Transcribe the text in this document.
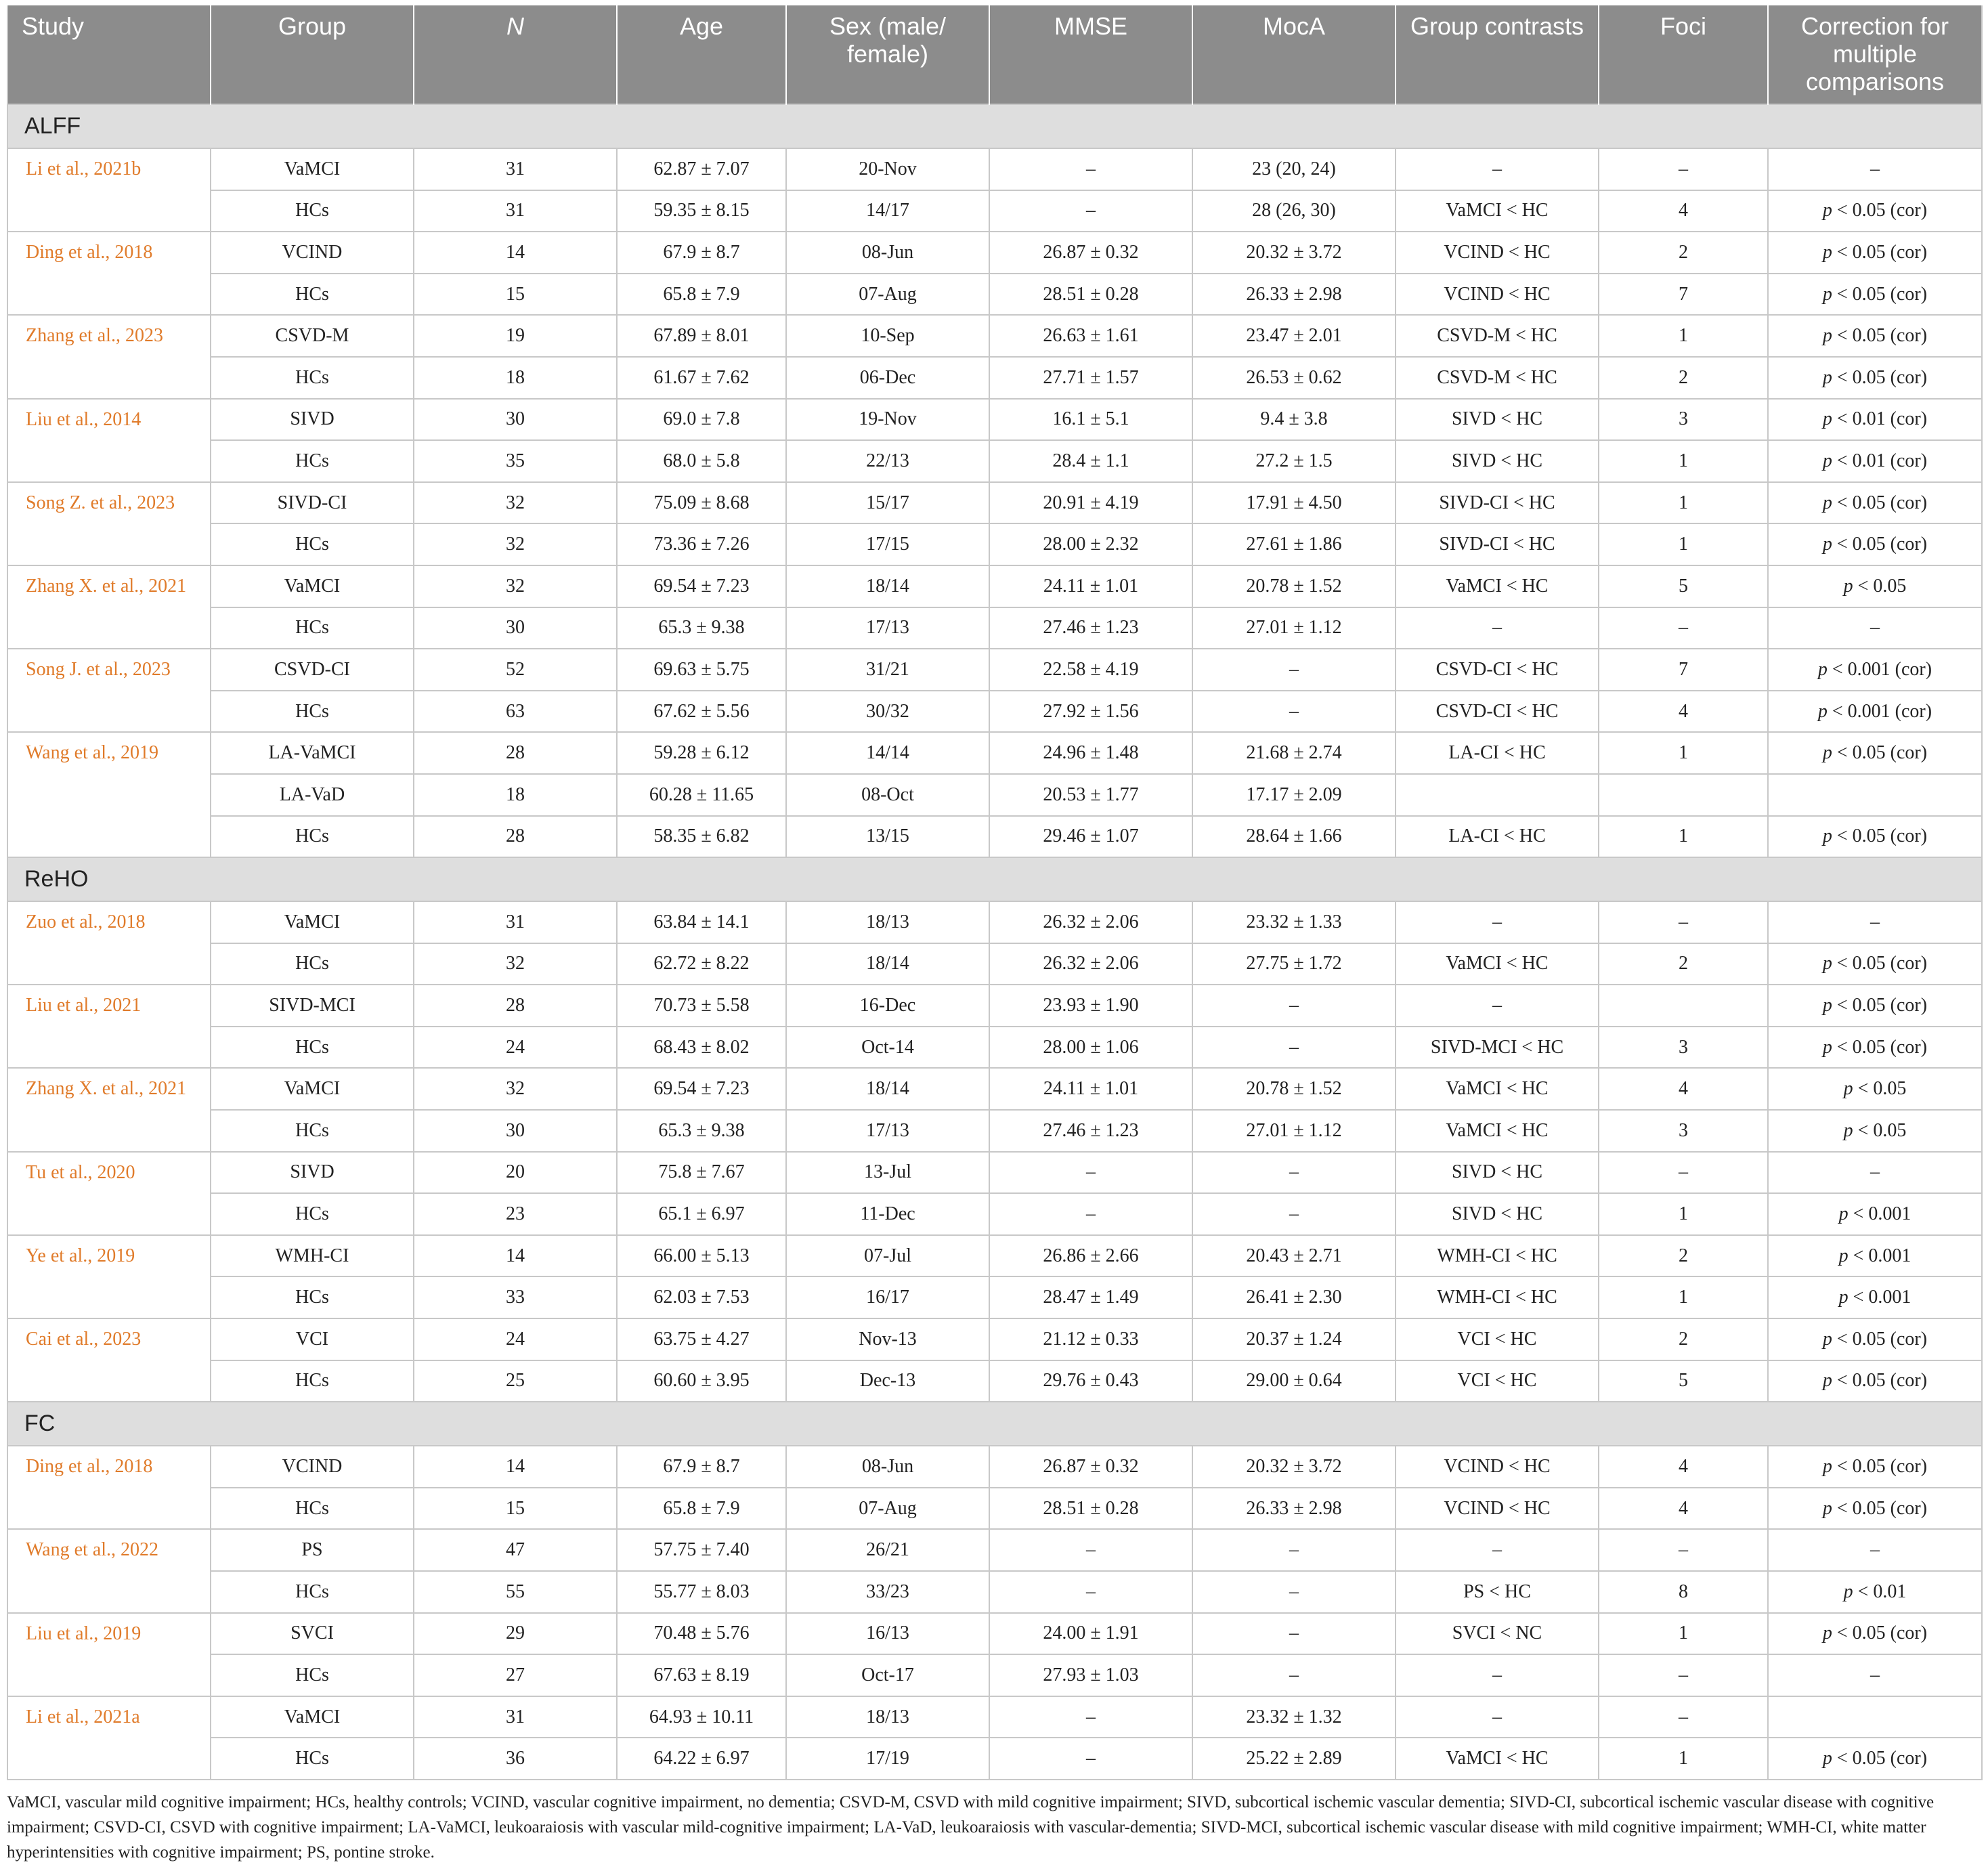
Study	Group	N	Age	Sex (male/ female)	MMSE	MocA	Group contrasts	Foci	Correction for multiple comparisons
ALFF									
Li et al., 2021b	VaMCI	31	62.87 ± 7.07	20-Nov	–	23 (20, 24)	–	–	–
	HCs	31	59.35 ± 8.15	14/17	–	28 (26, 30)	VaMCI < HC	4	p < 0.05 (cor)
Ding et al., 2018	VCIND	14	67.9 ± 8.7	08-Jun	26.87 ± 0.32	20.32 ± 3.72	VCIND < HC	2	p < 0.05 (cor)
	HCs	15	65.8 ± 7.9	07-Aug	28.51 ± 0.28	26.33 ± 2.98	VCIND < HC	7	p < 0.05 (cor)
Zhang et al., 2023	CSVD-M	19	67.89 ± 8.01	10-Sep	26.63 ± 1.61	23.47 ± 2.01	CSVD-M < HC	1	p < 0.05 (cor)
	HCs	18	61.67 ± 7.62	06-Dec	27.71 ± 1.57	26.53 ± 0.62	CSVD-M < HC	2	p < 0.05 (cor)
Liu et al., 2014	SIVD	30	69.0 ± 7.8	19-Nov	16.1 ± 5.1	9.4 ± 3.8	SIVD < HC	3	p < 0.01 (cor)
	HCs	35	68.0 ± 5.8	22/13	28.4 ± 1.1	27.2 ± 1.5	SIVD < HC	1	p < 0.01 (cor)
Song Z. et al., 2023	SIVD-CI	32	75.09 ± 8.68	15/17	20.91 ± 4.19	17.91 ± 4.50	SIVD-CI < HC	1	p < 0.05 (cor)
	HCs	32	73.36 ± 7.26	17/15	28.00 ± 2.32	27.61 ± 1.86	SIVD-CI < HC	1	p < 0.05 (cor)
Zhang X. et al., 2021	VaMCI	32	69.54 ± 7.23	18/14	24.11 ± 1.01	20.78 ± 1.52	VaMCI < HC	5	p < 0.05
	HCs	30	65.3 ± 9.38	17/13	27.46 ± 1.23	27.01 ± 1.12	–	–	–
Song J. et al., 2023	CSVD-CI	52	69.63 ± 5.75	31/21	22.58 ± 4.19	–	CSVD-CI < HC	7	p < 0.001 (cor)
	HCs	63	67.62 ± 5.56	30/32	27.92 ± 1.56	–	CSVD-CI < HC	4	p < 0.001 (cor)
Wang et al., 2019	LA-VaMCI	28	59.28 ± 6.12	14/14	24.96 ± 1.48	21.68 ± 2.74	LA-CI < HC	1	p < 0.05 (cor)
	LA-VaD	18	60.28 ± 11.65	08-Oct	20.53 ± 1.77	17.17 ± 2.09			
	HCs	28	58.35 ± 6.82	13/15	29.46 ± 1.07	28.64 ± 1.66	LA-CI < HC	1	p < 0.05 (cor)
ReHO									
Zuo et al., 2018	VaMCI	31	63.84 ± 14.1	18/13	26.32 ± 2.06	23.32 ± 1.33	–	–	–
	HCs	32	62.72 ± 8.22	18/14	26.32 ± 2.06	27.75 ± 1.72	VaMCI < HC	2	p < 0.05 (cor)
Liu et al., 2021	SIVD-MCI	28	70.73 ± 5.58	16-Dec	23.93 ± 1.90	–	–		p < 0.05 (cor)
	HCs	24	68.43 ± 8.02	Oct-14	28.00 ± 1.06	–	SIVD-MCI < HC	3	p < 0.05 (cor)
Zhang X. et al., 2021	VaMCI	32	69.54 ± 7.23	18/14	24.11 ± 1.01	20.78 ± 1.52	VaMCI < HC	4	p < 0.05
	HCs	30	65.3 ± 9.38	17/13	27.46 ± 1.23	27.01 ± 1.12	VaMCI < HC	3	p < 0.05
Tu et al., 2020	SIVD	20	75.8 ± 7.67	13-Jul	–	–	SIVD < HC	–	–
	HCs	23	65.1 ± 6.97	11-Dec	–	–	SIVD < HC	1	p < 0.001
Ye et al., 2019	WMH-CI	14	66.00 ± 5.13	07-Jul	26.86 ± 2.66	20.43 ± 2.71	WMH-CI < HC	2	p < 0.001
	HCs	33	62.03 ± 7.53	16/17	28.47 ± 1.49	26.41 ± 2.30	WMH-CI < HC	1	p < 0.001
Cai et al., 2023	VCI	24	63.75 ± 4.27	Nov-13	21.12 ± 0.33	20.37 ± 1.24	VCI < HC	2	p < 0.05 (cor)
	HCs	25	60.60 ± 3.95	Dec-13	29.76 ± 0.43	29.00 ± 0.64	VCI < HC	5	p < 0.05 (cor)
FC									
Ding et al., 2018	VCIND	14	67.9 ± 8.7	08-Jun	26.87 ± 0.32	20.32 ± 3.72	VCIND < HC	4	p < 0.05 (cor)
	HCs	15	65.8 ± 7.9	07-Aug	28.51 ± 0.28	26.33 ± 2.98	VCIND < HC	4	p < 0.05 (cor)
Wang et al., 2022	PS	47	57.75 ± 7.40	26/21	–	–	–	–	–
	HCs	55	55.77 ± 8.03	33/23	–	–	PS < HC	8	p < 0.01
Liu et al., 2019	SVCI	29	70.48 ± 5.76	16/13	24.00 ± 1.91	–	SVCI < NC	1	p < 0.05 (cor)
	HCs	27	67.63 ± 8.19	Oct-17	27.93 ± 1.03	–	–	–	–
Li et al., 2021a	VaMCI	31	64.93 ± 10.11	18/13	–	23.32 ± 1.32	–	–	
	HCs	36	64.22 ± 6.97	17/19	–	25.22 ± 2.89	VaMCI < HC	1	p < 0.05 (cor)
VaMCI, vascular mild cognitive impairment; HCs, healthy controls; VCIND, vascular cognitive impairment, no dementia; CSVD-M, CSVD with mild cognitive impairment; SIVD, subcortical ischemic vascular dementia; SIVD-CI, subcortical ischemic vascular disease with cognitive impairment; CSVD-CI, CSVD with cognitive impairment; LA-VaMCI, leukoaraiosis with vascular mild-cognitive impairment; LA-VaD, leukoaraiosis with vascular-dementia; SIVD-MCI, subcortical ischemic vascular disease with mild cognitive impairment; WMH-CI, white matter hyperintensities with cognitive impairment; PS, pontine stroke.
